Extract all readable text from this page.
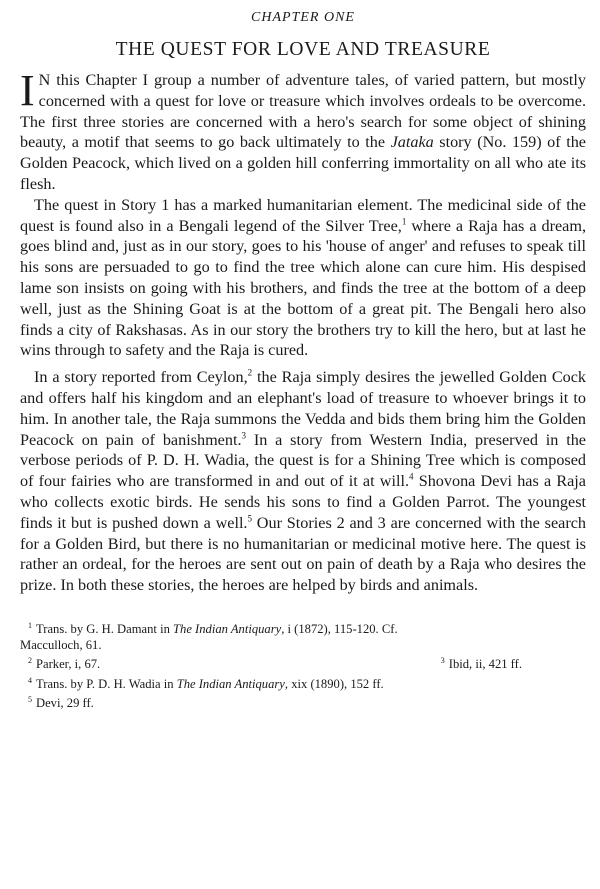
CHAPTER ONE
THE QUEST FOR LOVE AND TREASURE

I N this Chapter I group a number of adventure tales, of varied pattern, but mostly concerned with a quest for love or treasure which involves ordeals to be overcome. The first three stories are concerned with a hero's search for some object of shining beauty, a motif that seems to go back ultimately to the Jataka story (No. 159) of the Golden Peacock, which lived on a golden hill conferring immortality on all who ate its flesh.

The quest in Story 1 has a marked humanitarian element. The medicinal side of the quest is found also in a Bengali legend of the Silver Tree,$^1$ where a Raja has a dream, goes blind and, just as in our story, goes to his 'house of anger' and refuses to speak till his sons are persuaded to go to find the tree which alone can cure him. His despised lame son insists on going with his brothers, and finds the tree at the bottom of a deep well, just as the Shining Goat is at the bottom of a great pit. The Bengali hero also finds a city of Rakshasas. As in our story the brothers try to kill the hero, but at last he wins through to safety and the Raja is cured.

In a story reported from Ceylon,$^2$ the Raja simply desires the jewelled Golden Cock and offers half his kingdom and an elephant's load of treasure to whoever brings it to him. In another tale, the Raja summons the Vedda and bids them bring him the Golden Peacock on pain of banishment.$^3$ In a story from Western India, preserved in the verbose periods of P. D. H. Wadia, the quest is for a Shining Tree which is composed of four fairies who are transformed in and out of it at will.$^4$ Shovona Devi has a Raja who collects exotic birds. He sends his sons to find a Golden Parrot. The youngest finds it but is pushed down a well.$^5$ Our Stories 2 and 3 are concerned with the search for a Golden Bird, but there is no humanitarian or medicinal motive here. The quest is rather an ordeal, for the heroes are sent out on pain of death by a Raja who desires the prize. In both these stories, the heroes are helped by birds and animals.

$^1$ Trans. by G. H. Damant in The Indian Antiquary, i (1872), 115-120. Cf.
Macculloch, 61.
$^2$ Parker, i, 67.	$^3$ Ibid, ii, 421 ff.
$^4$ Trans. by P. D. H. Wadia in The Indian Antiquary, xix (1890), 152 ff.
$^5$ Devi, 29 ff.
